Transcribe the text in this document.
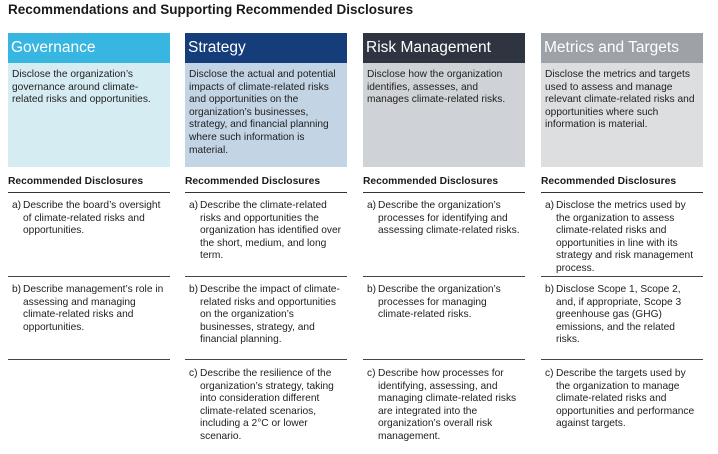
Recommendations and Supporting Recommended Disclosures
Governance
Disclose the organization’s governance around climate-related risks and opportunities.
Recommended Disclosures
a) Describe the board’s oversight of climate-related risks and opportunities.
b) Describe management’s role in assessing and managing climate-related risks and opportunities.
Strategy
Disclose the actual and potential impacts of climate-related risks and opportunities on the organization’s businesses, strategy, and financial planning where such information is material.
Recommended Disclosures
a) Describe the climate-related risks and opportunities the organization has identified over the short, medium, and long term.
b) Describe the impact of climate-related risks and opportunities on the organization’s businesses, strategy, and financial planning.
c) Describe the resilience of the organization’s strategy, taking into consideration different climate-related scenarios, including a 2°C or lower scenario.
Risk Management
Disclose how the organization identifies, assesses, and manages climate-related risks.
Recommended Disclosures
a) Describe the organization’s processes for identifying and assessing climate-related risks.
b) Describe the organization’s processes for managing climate-related risks.
c) Describe how processes for identifying, assessing, and managing climate-related risks are integrated into the organization’s overall risk management.
Metrics and Targets
Disclose the metrics and targets used to assess and manage relevant climate-related risks and opportunities where such information is material.
Recommended Disclosures
a) Disclose the metrics used by the organization to assess climate-related risks and opportunities in line with its strategy and risk management process.
b) Disclose Scope 1, Scope 2, and, if appropriate, Scope 3 greenhouse gas (GHG) emissions, and the related risks.
c) Describe the targets used by the organization to manage climate-related risks and opportunities and performance against targets.
